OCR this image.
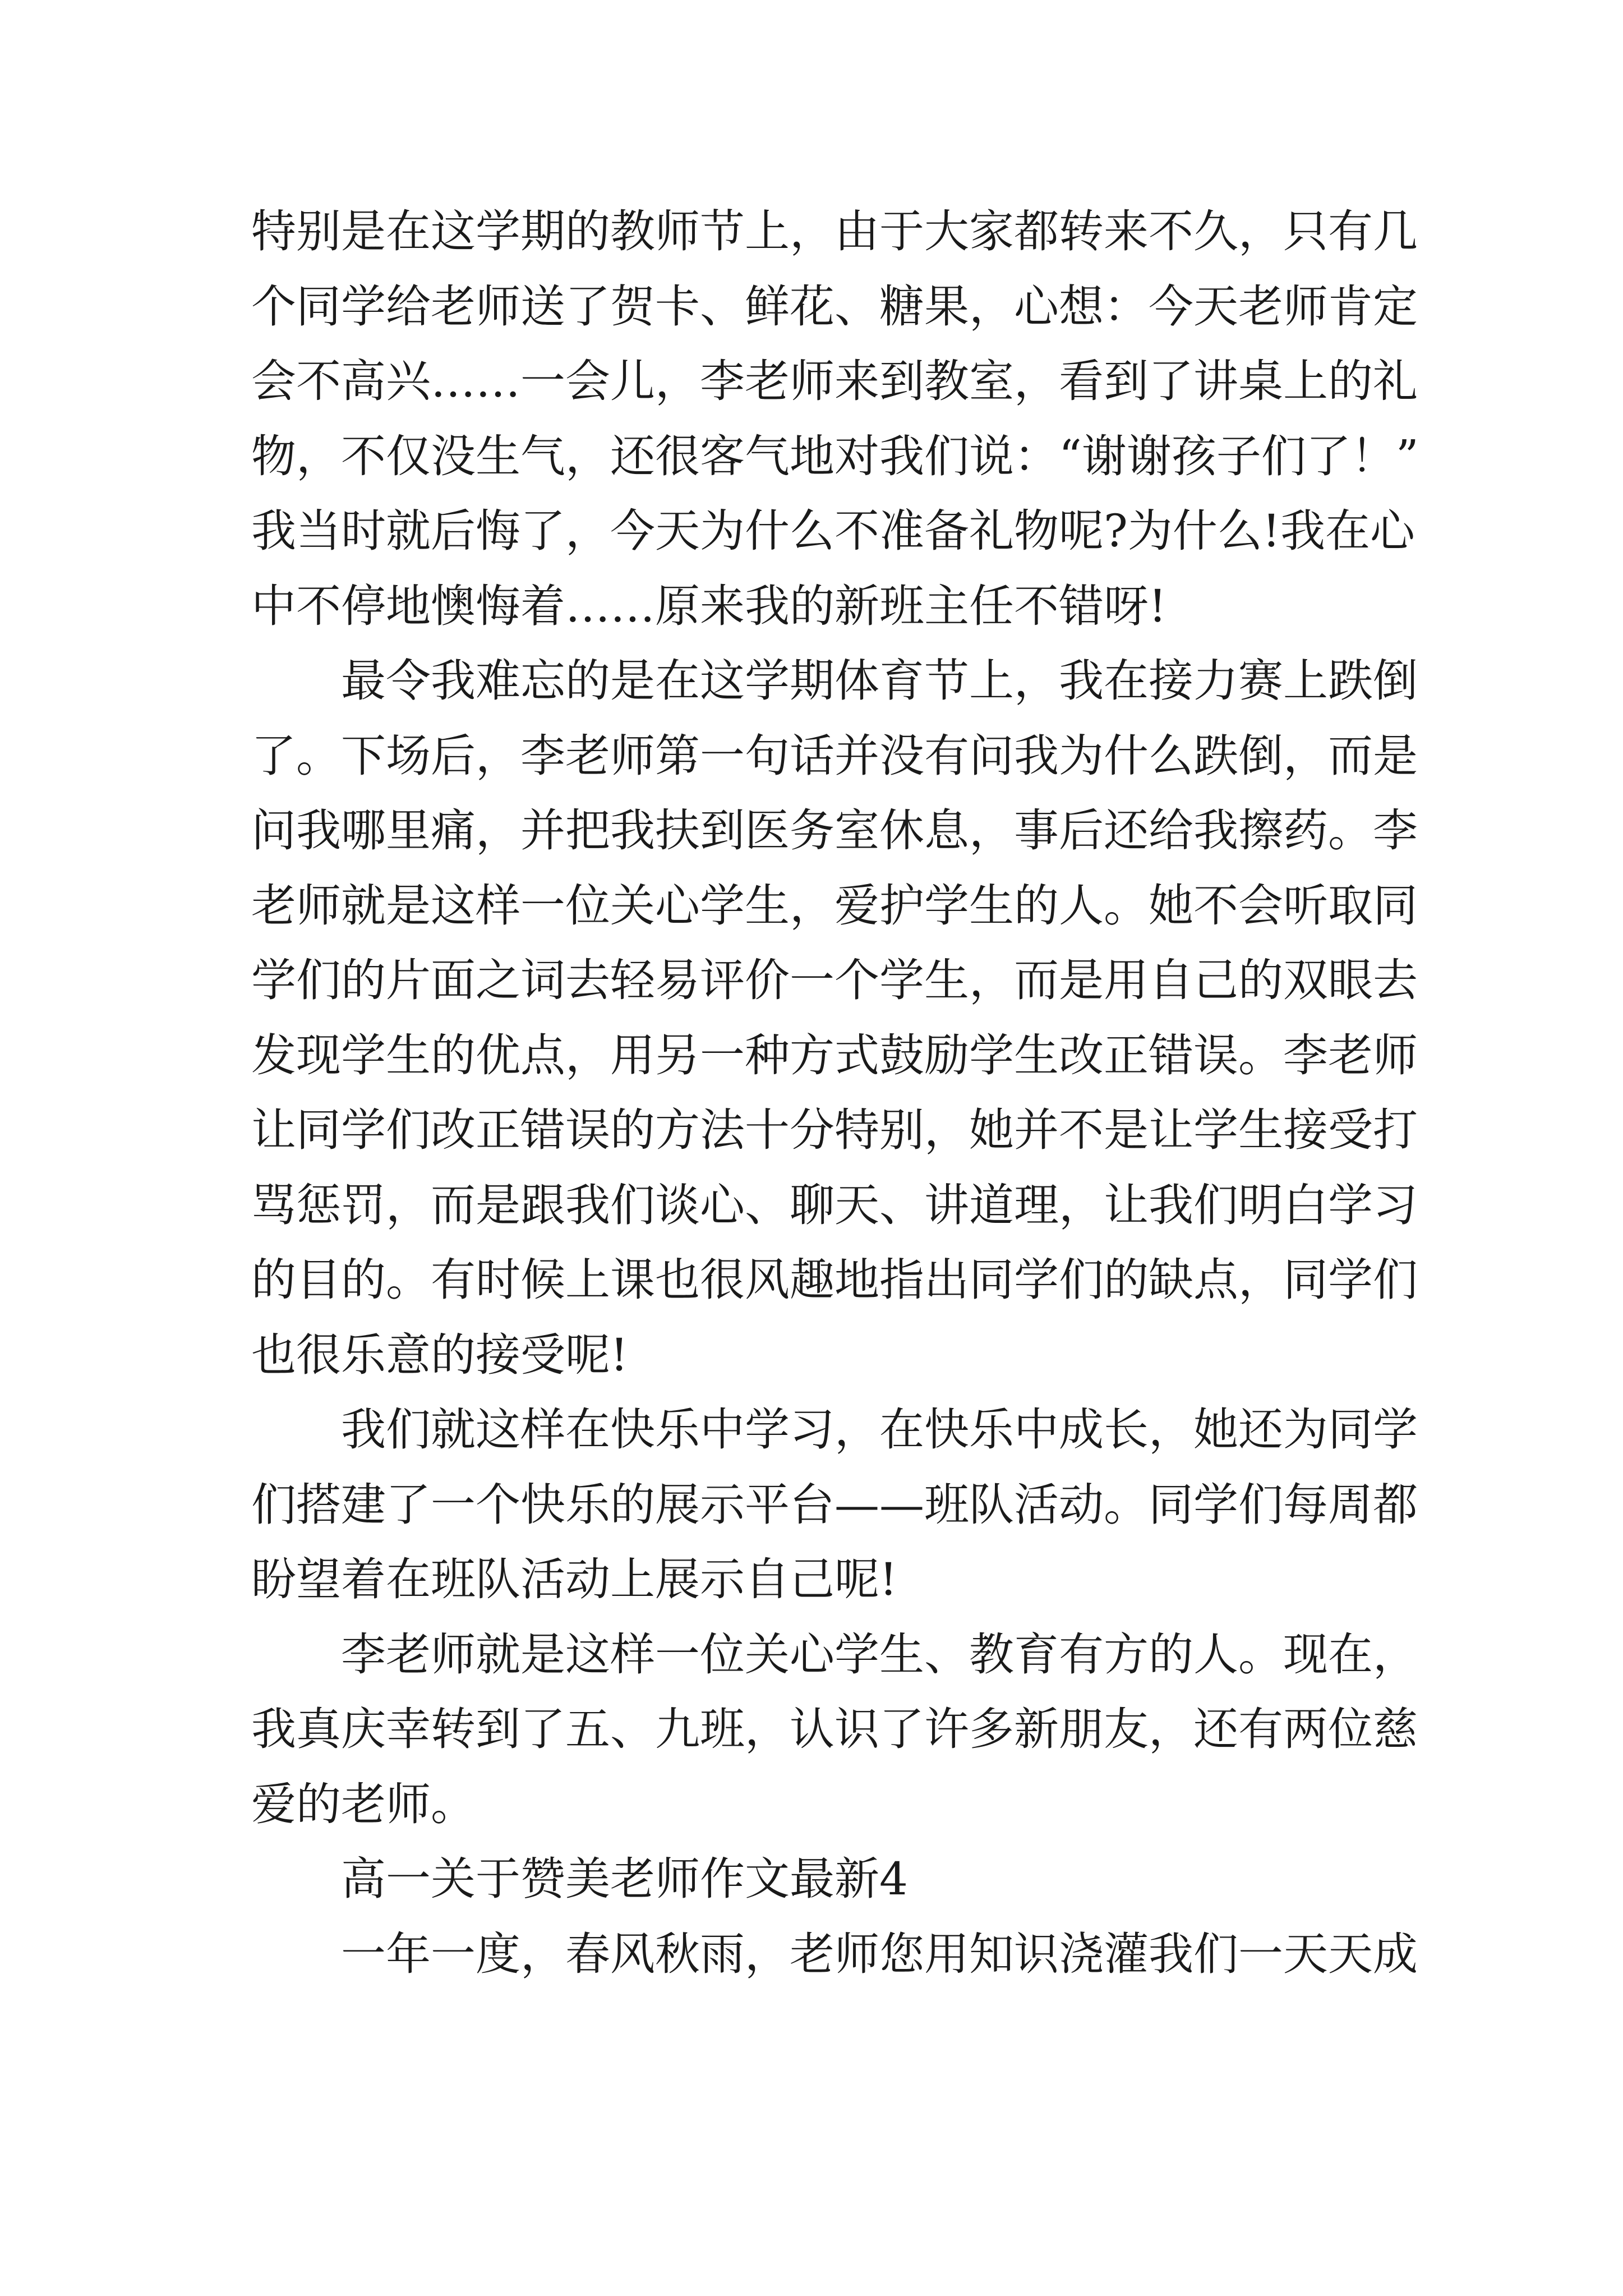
特别是在这学期的教师节上，由于大家都转来不久，只有几
个同学给老师送了贺卡、鲜花、糖果，心想：今天老师肯定
会不高兴……一会儿，李老师来到教室，看到了讲桌上的礼
物，不仅没生气，还很客气地对我们说：“谢谢孩子们了！”
我当时就后悔了，今天为什么不准备礼物呢?为什么!我在心
中不停地懊悔着……原来我的新班主任不错呀!
最令我难忘的是在这学期体育节上，我在接力赛上跌倒
了。下场后，李老师第一句话并没有问我为什么跌倒，而是
问我哪里痛，并把我扶到医务室休息，事后还给我擦药。李
老师就是这样一位关心学生，爱护学生的人。她不会听取同
学们的片面之词去轻易评价一个学生，而是用自己的双眼去
发现学生的优点，用另一种方式鼓励学生改正错误。李老师
让同学们改正错误的方法十分特别，她并不是让学生接受打
骂惩罚，而是跟我们谈心、聊天、讲道理，让我们明白学习
的目的。有时候上课也很风趣地指出同学们的缺点，同学们
也很乐意的接受呢!
我们就这样在快乐中学习，在快乐中成长，她还为同学
们搭建了一个快乐的展示平台——班队活动。同学们每周都
盼望着在班队活动上展示自己呢!
李老师就是这样一位关心学生、教育有方的人。现在，
我真庆幸转到了五、九班，认识了许多新朋友，还有两位慈
爱的老师。
高一关于赞美老师作文最新4
一年一度，春风秋雨，老师您用知识浇灌我们一天天成
